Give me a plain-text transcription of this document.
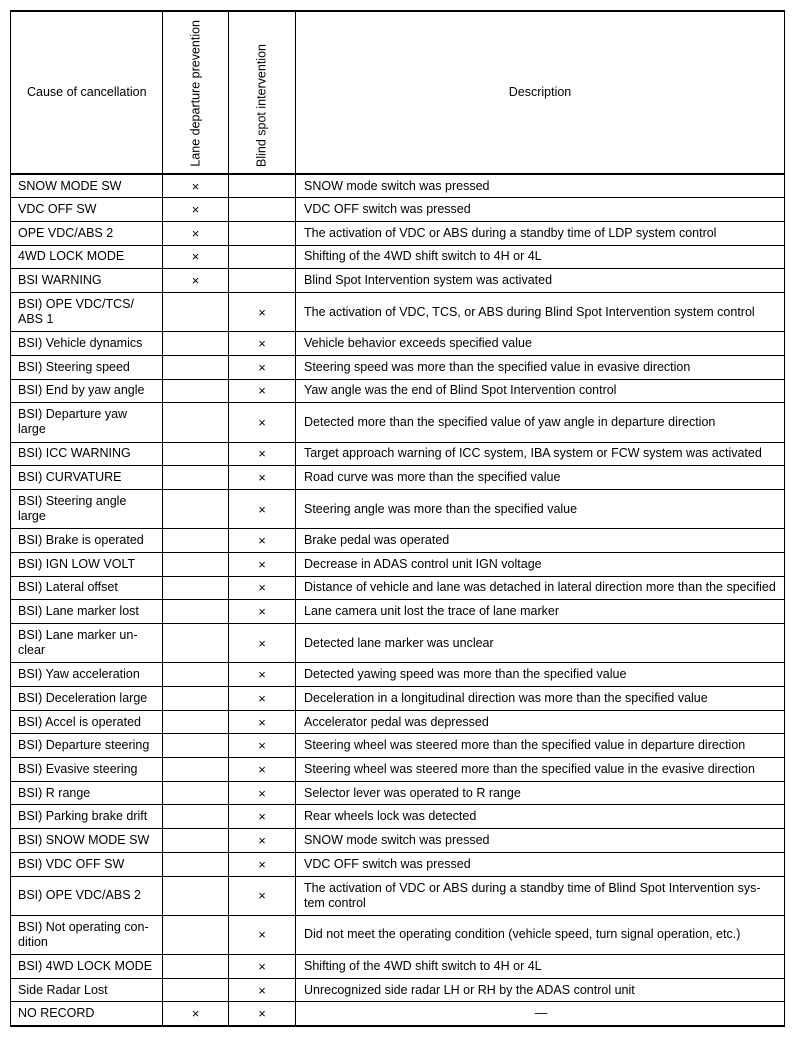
Cause of cancellation	Lane departure prevention	Blind spot intervention	Description
SNOW MODE SW	×		SNOW mode switch was pressed
VDC OFF SW	×		VDC OFF switch was pressed
OPE VDC/ABS 2	×		The activation of VDC or ABS during a standby time of LDP system control
4WD LOCK MODE	×		Shifting of the 4WD shift switch to 4H or 4L
BSI WARNING	×		Blind Spot Intervention system was activated
BSI) OPE VDC/TCS/ ABS 1		×	The activation of VDC, TCS, or ABS during Blind Spot Intervention system control
BSI) Vehicle dynamics		×	Vehicle behavior exceeds specified value
BSI) Steering speed		×	Steering speed was more than the specified value in evasive direction
BSI) End by yaw angle		×	Yaw angle was the end of Blind Spot Intervention control
BSI) Departure yaw large		×	Detected more than the specified value of yaw angle in departure direction
BSI) ICC WARNING		×	Target approach warning of ICC system, IBA system or FCW system was activated
BSI) CURVATURE		×	Road curve was more than the specified value
BSI) Steering angle large		×	Steering angle was more than the specified value
BSI) Brake is operated		×	Brake pedal was operated
BSI) IGN LOW VOLT		×	Decrease in ADAS control unit IGN voltage
BSI) Lateral offset		×	Distance of vehicle and lane was detached in lateral direction more than the specified
BSI) Lane marker lost		×	Lane camera unit lost the trace of lane marker
BSI) Lane marker un- clear		×	Detected lane marker was unclear
BSI) Yaw acceleration		×	Detected yawing speed was more than the specified value
BSI) Deceleration large		×	Deceleration in a longitudinal direction was more than the specified value
BSI) Accel is operated		×	Accelerator pedal was depressed
BSI) Departure steering		×	Steering wheel was steered more than the specified value in departure direction
BSI) Evasive steering		×	Steering wheel was steered more than the specified value in the evasive direction
BSI) R range		×	Selector lever was operated to R range
BSI) Parking brake drift		×	Rear wheels lock was detected
BSI) SNOW MODE SW		×	SNOW mode switch was pressed
BSI) VDC OFF SW		×	VDC OFF switch was pressed
BSI) OPE VDC/ABS 2		×	The activation of VDC or ABS during a standby time of Blind Spot Intervention sys- tem control
BSI) Not operating con- dition		×	Did not meet the operating condition (vehicle speed, turn signal operation, etc.)
BSI) 4WD LOCK MODE		×	Shifting of the 4WD shift switch to 4H or 4L
Side Radar Lost		×	Unrecognized side radar LH or RH by the ADAS control unit
NO RECORD	×	×	—
